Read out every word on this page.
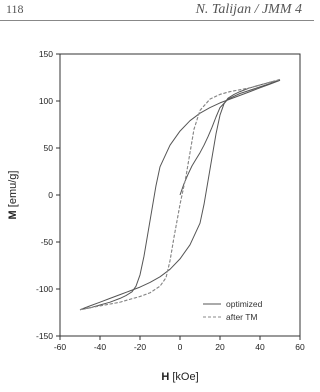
118	N. Talijan / JMM 4
-60	-40	-20	0	20	40	60
-150
-100
-50
0
50
100
150
H [kOe]
M [emu/g]
optimized
after TM
